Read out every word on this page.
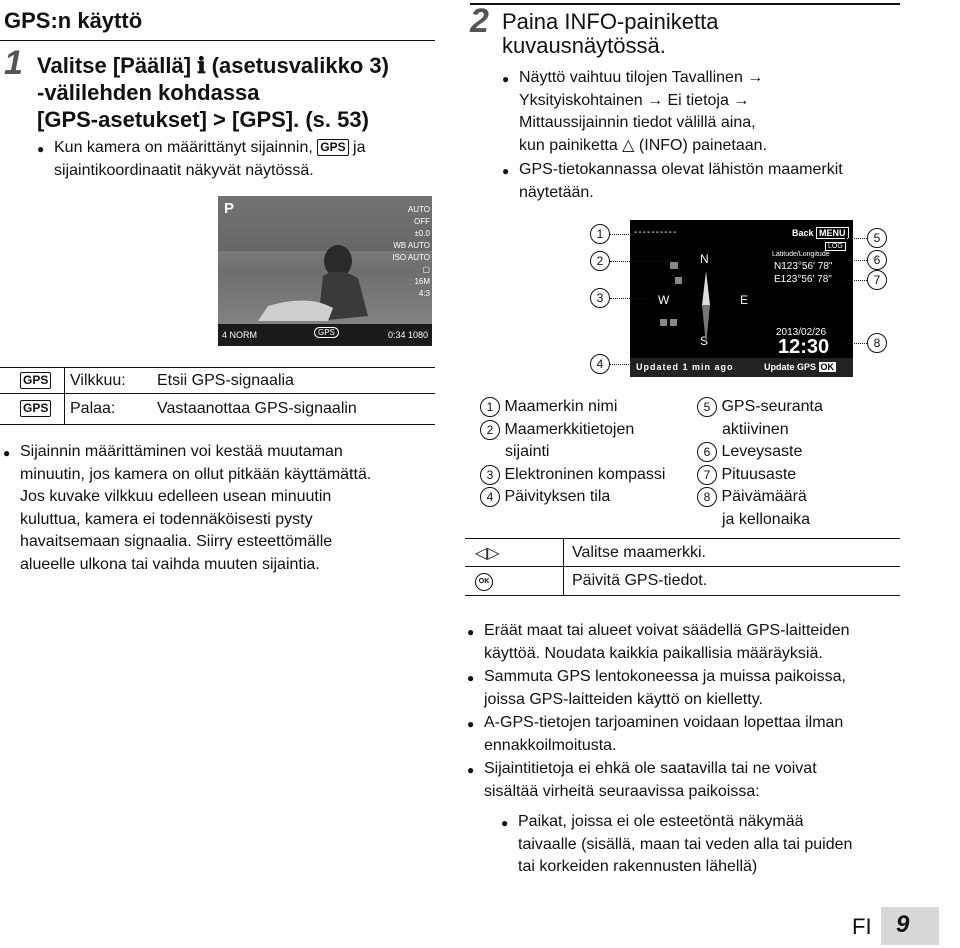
GPS:n käyttö
1 Valitse [Päällä] ℹ (asetusvalikko 3)
-välilehden kohdassa
[GPS-asetukset] > [GPS]. (s. 53)
● Kun kamera on määrittänyt sijainnin, GPS ja
sijaintikoordinaatit näkyvät näytössä.
P	AUTO
OFF
±0.0
WB AUTO
ISO AUTO
▢
16M
4:3
4 NORM	GPS	0:34 1080
GPS Vilkkuu: Etsii GPS-signaalia
GPS Palaa:	Vastaanottaa GPS-signaalin
● Sijainnin määrittäminen voi kestää muutaman
minuutin, jos kamera on ollut pitkään käyttämättä.
Jos kuvake vilkkuu edelleen usean minuutin
kuluttua, kamera ei todennäköisesti pysty
havaitsemaan signaalia. Siirry esteettömälle
alueelle ulkona tai vaihda muuten sijaintia.
2 Paina INFO-painiketta
kuvausnäytössä.
● Näyttö vaihtuu tilojen Tavallinen →
Yksityiskohtainen → Ei tietoja →
Mittaussijainnin tiedot välillä aina,
kun painiketta △ (INFO) painetaan.
● GPS-tietokannassa olevat lähistön maamerkit
näytetään.
----------	Back MENU
LOG
Latitude/Longitude
N123°56' 78"
E123°56' 78"
N
W	E
S
2013/02/26
12:30
Updated 1 min ago	Update GPS OK
1
2
3
4
5
6
7
8
1 Maamerkin nimi
2 Maamerkkitietojen
sijainti
3 Elektroninen kompassi
4 Päivityksen tila
5 GPS-seuranta
aktiivinen
6 Leveysaste
7 Pituusaste
8 Päivämäärä
ja kellonaika
◁▷	Valitse maamerkki.
OK	Päivitä GPS-tiedot.
● Eräät maat tai alueet voivat säädellä GPS-laitteiden
käyttöä. Noudata kaikkia paikallisia määräyksiä.
● Sammuta GPS lentokoneessa ja muissa paikoissa,
joissa GPS-laitteiden käyttö on kielletty.
● A-GPS-tietojen tarjoaminen voidaan lopettaa ilman
ennakkoilmoitusta.
● Sijaintitietoja ei ehkä ole saatavilla tai ne voivat
sisältää virheitä seuraavissa paikoissa:
● Paikat, joissa ei ole esteetöntä näkymää
taivaalle (sisällä, maan tai veden alla tai puiden
tai korkeiden rakennusten lähellä)
FI 9
